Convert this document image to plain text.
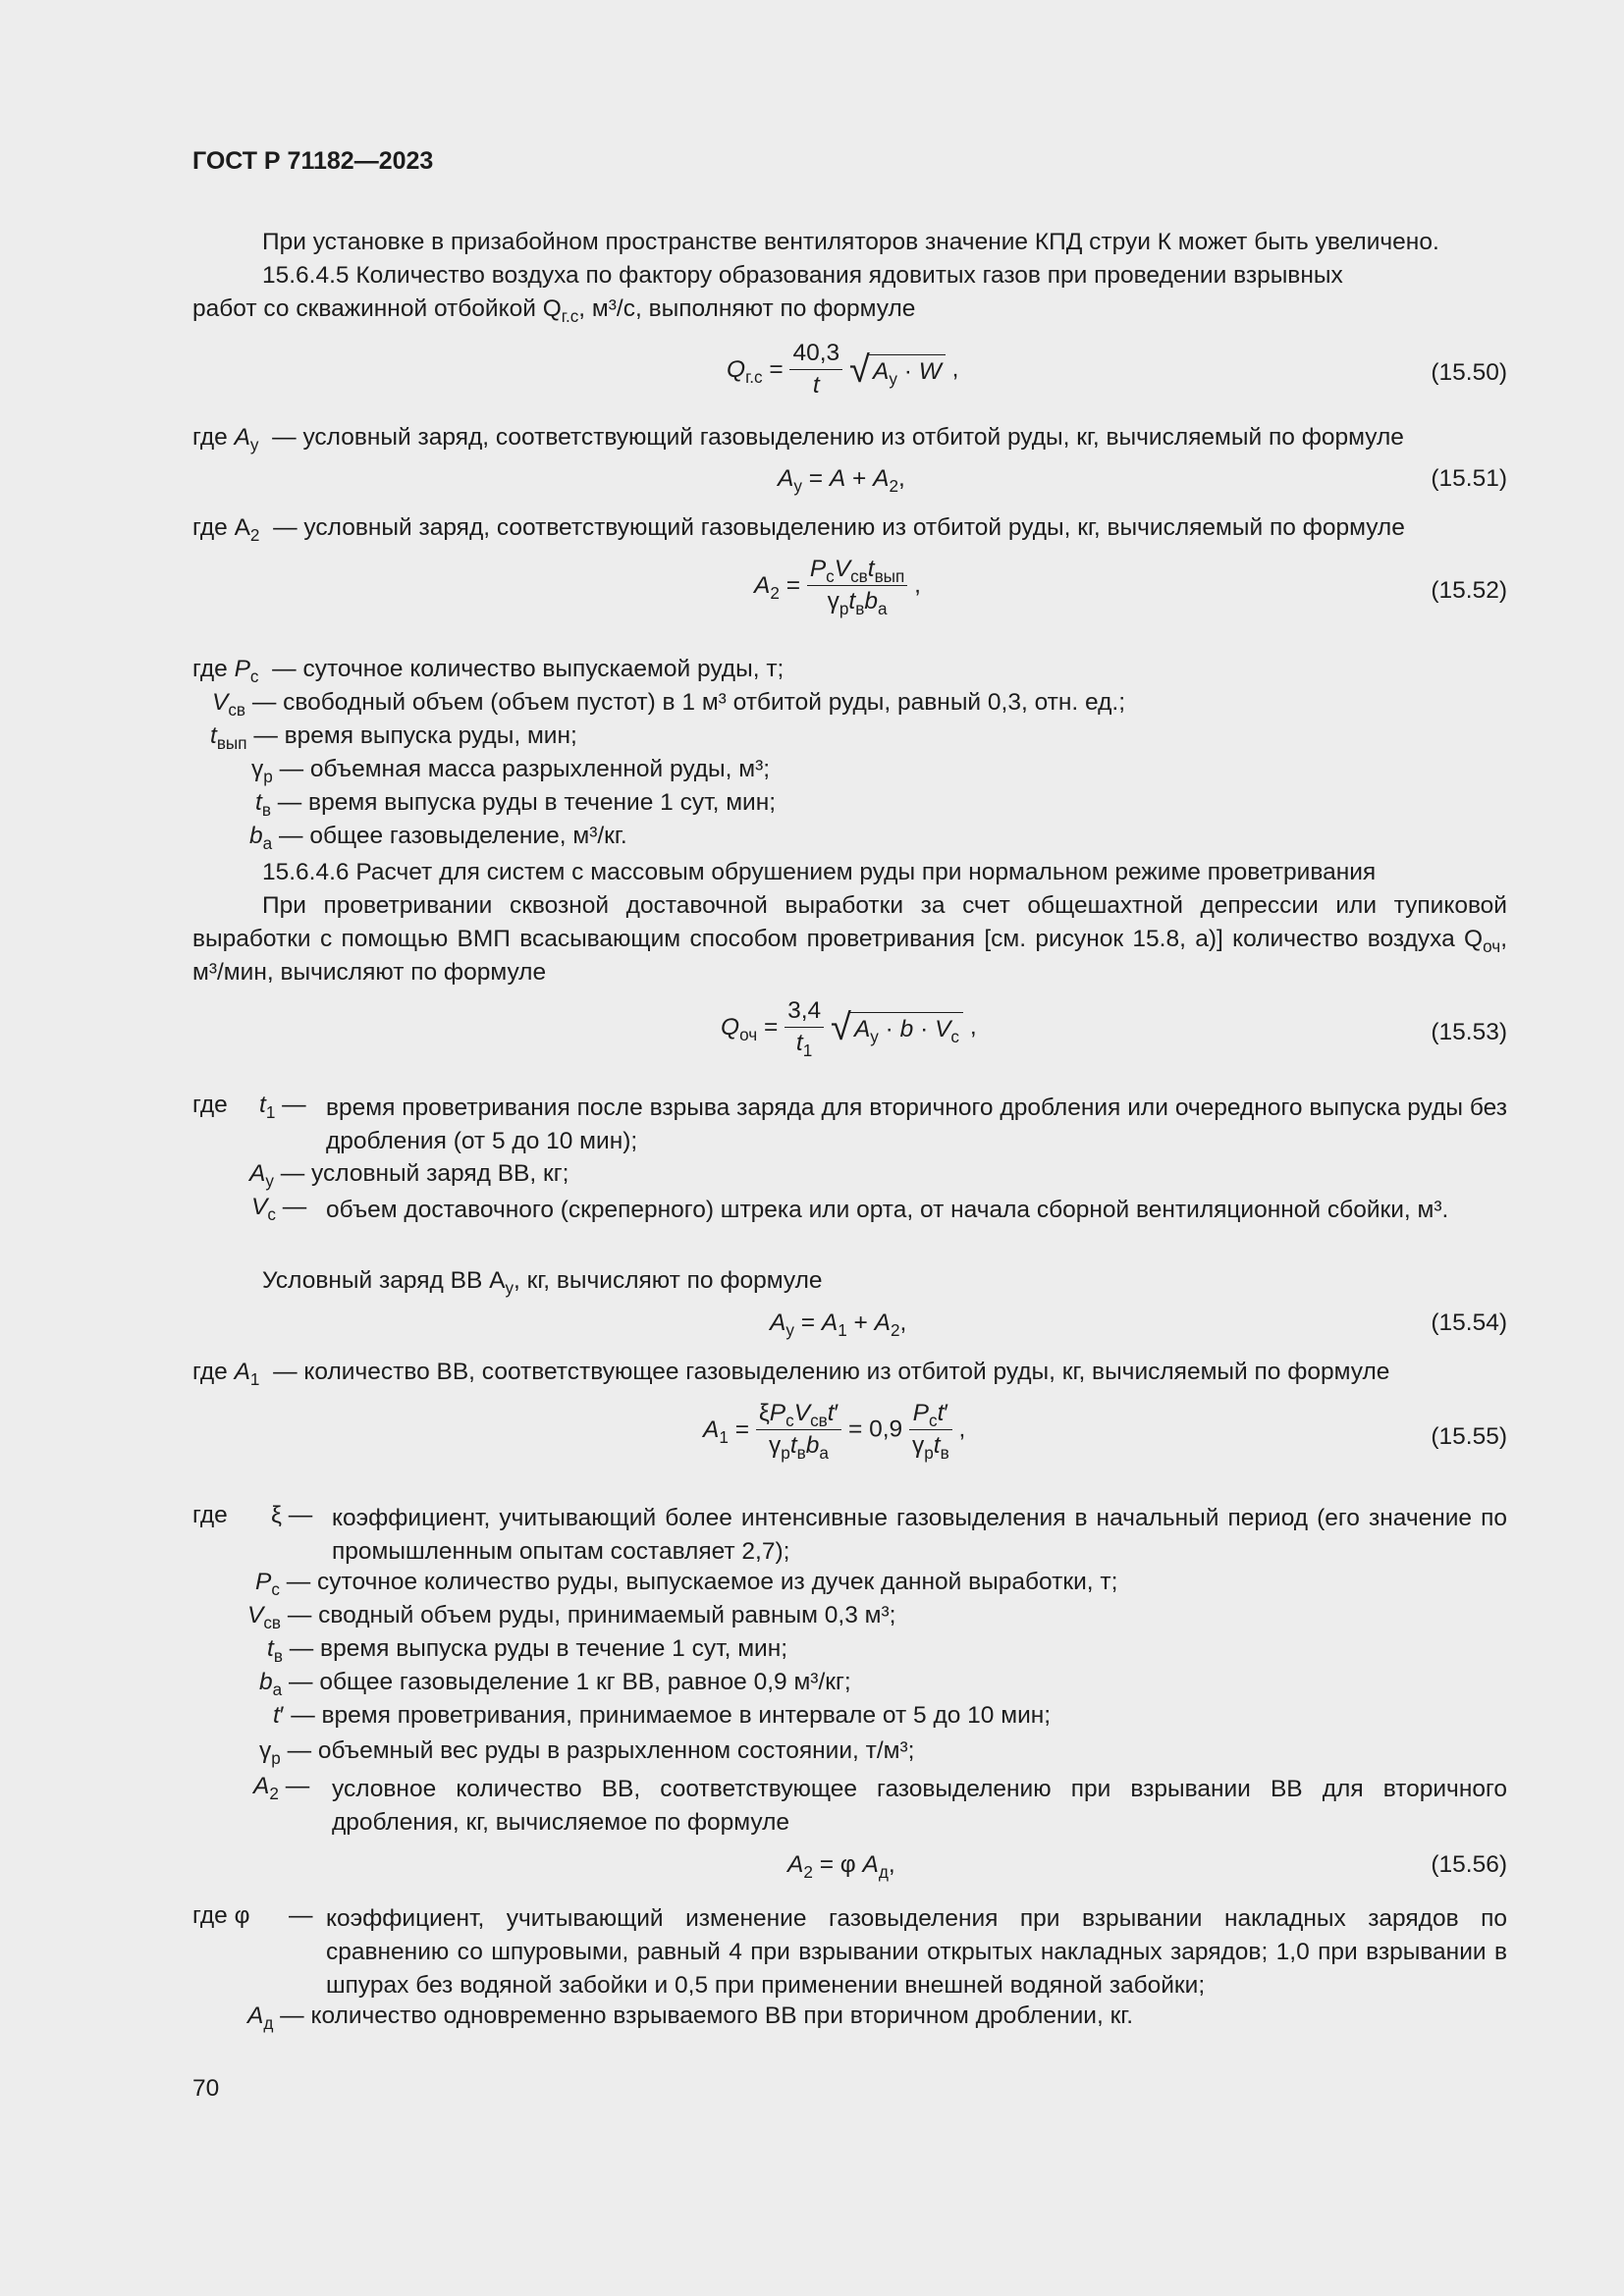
ГОСТ Р 71182—2023
При установке в призабойном пространстве вентиляторов значение КПД струи К может быть увеличено.
15.6.4.5 Количество воздуха по фактору образования ядовитых газов при проведении взрывных
работ со скважинной отбойкой $Q_{г.с}$, м³/с, выполняют по формуле
$Q_{г.с} = \frac{40,3}{t}$
√ $A_у \cdot W$ ,	(15.50)
где $A_у$ — условный заряд, соответствующий газовыделению из отбитой руды, кг, вычисляемый по формуле
$A_у = A + A_2$,	(15.51)
где $A_2$ — условный заряд, соответствующий газовыделению из отбитой руды, кг, вычисляемый по формуле
$A_2 = \frac{P_cV_{св}t_{вып}}{\gamma_рt_вb_а}$ ,	(15.52)
где $P_c$ — суточное количество выпускаемой руды, т;
$V_{св}$ — свободный объем (объем пустот) в 1 м³ отбитой руды, равный 0,3, отн. ед.;
$t_{вып}$ — время выпуска руды, мин;
$\gamma_р$ — объемная масса разрыхленной руды, м³;
$t_в$ — время выпуска руды в течение 1 сут, мин;
$b_а$ — общее газовыделение, м³/кг.
15.6.4.6 Расчет для систем с массовым обрушением руды при нормальном режиме проветривания
При проветривании сквозной доставочной выработки за счет общешахтной депрессии или тупиковой выработки с помощью ВМП всасывающим способом проветривания [см. рисунок 15.8, а)] количество воздуха $Q_{оч}$, м³/мин, вычисляют по формуле
$Q_{оч} = \frac{3,4}{t_1}$
√ $A_у \cdot b \cdot V_c$ ,	(15.53)
где $t_1$ — время проветривания после взрыва заряда для вторичного дробления или очередного выпуска руды без дробления (от 5 до 10 мин);
$A_у$ — условный заряд ВВ, кг;
$V_c$ — объем доставочного (скреперного) штрека или орта, от начала сборной вентиляционной сбойки, м³.
Условный заряд ВВ $A_у$, кг, вычисляют по формуле
$A_у = A_1 + A_2$,	(15.54)
где $A_1$ — количество ВВ, соответствующее газовыделению из отбитой руды, кг, вычисляемый по формуле
$A_1 = \frac{\xi P_cV_{св}t'}{\gamma_рt_вb_а} = 0,9 \frac{P_ct'}{\gamma_рt_в}$ ,	(15.55)
где ξ — коэффициент, учитывающий более интенсивные газовыделения в начальный период (его значение по промышленным опытам составляет 2,7);
$P_c$ — суточное количество руды, выпускаемое из дучек данной выработки, т;
$V_{св}$ — сводный объем руды, принимаемый равным 0,3 м³;
$t_в$ — время выпуска руды в течение 1 сут, мин;
$b_а$ — общее газовыделение 1 кг ВВ, равное 0,9 м³/кг;
t′ — время проветривания, принимаемое в интервале от 5 до 10 мин;
$\gamma_р$ — объемный вес руды в разрыхленном состоянии, т/м³;
$A_2$ — условное количество ВВ, соответствующее газовыделению при взрывании ВВ для вторичного дробления, кг, вычисляемое по формуле
$A_2 = \varphi$ $A_д$,	(15.56)
где φ — коэффициент, учитывающий изменение газовыделения при взрывании накладных зарядов по сравнению со шпуровыми, равный 4 при взрывании открытых накладных зарядов; 1,0 при взрывании в шпурах без водяной забойки и 0,5 при применении внешней водяной забойки;
$A_д$ — количество одновременно взрываемого ВВ при вторичном дроблении, кг.
70
